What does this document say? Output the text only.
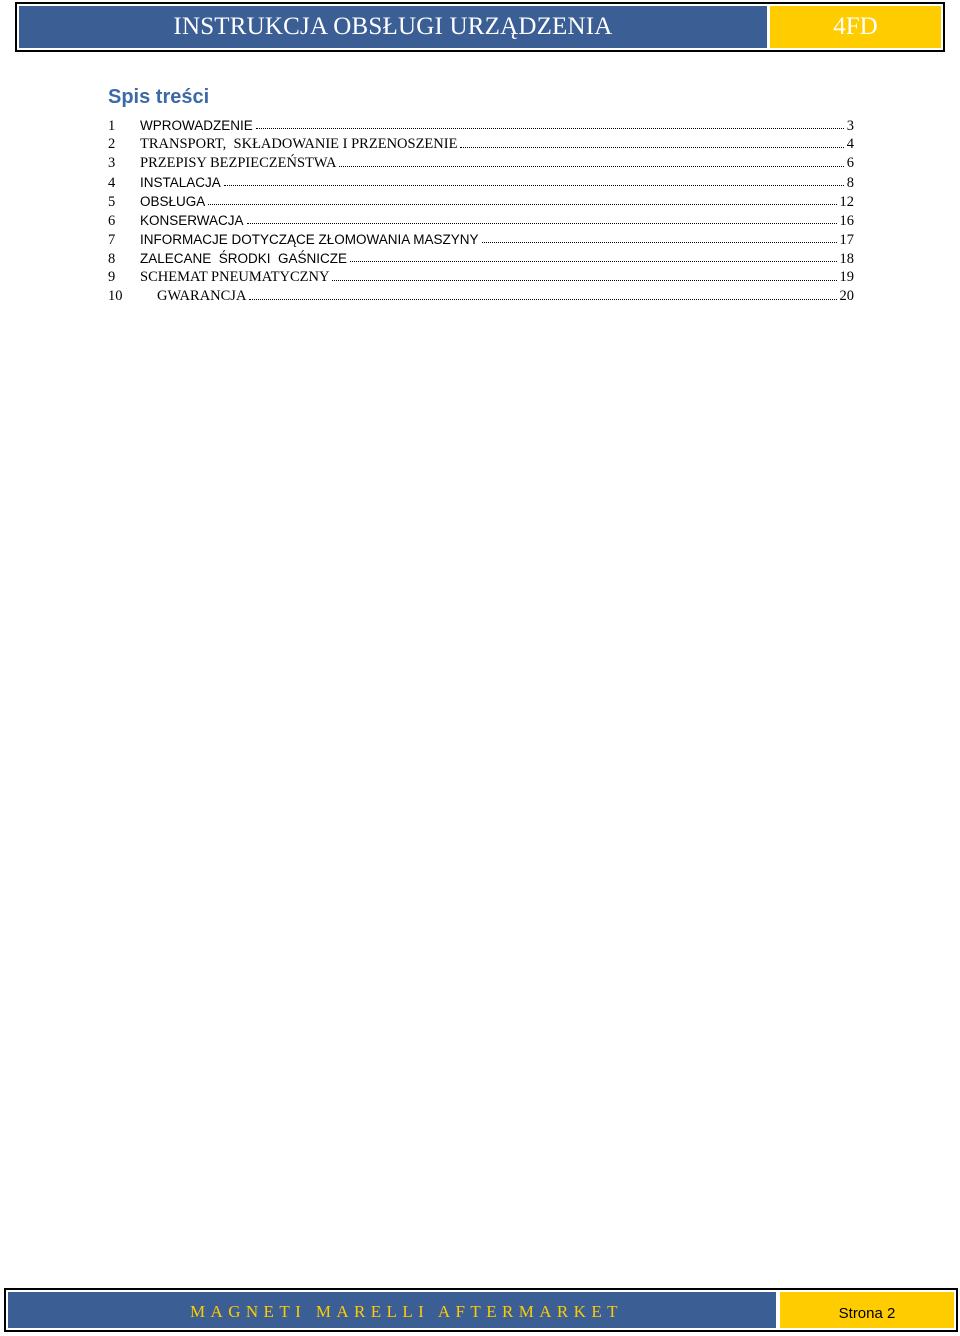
INSTRUKCJA OBSŁUGI URZĄDZENIA	4FD
Spis treści
1	WPROWADZENIE	3
2	TRANSPORT,  SKŁADOWANIE I PRZENOSZENIE	4
3	PRZEPISY BEZPIECZEŃSTWA	6
4	INSTALACJA	8
5	OBSŁUGA	12
6	KONSERWACJA	16
7	INFORMACJE DOTYCZĄCE ZŁOMOWANIA MASZYNY	17
8	ZALECANE  ŚRODKI  GAŚNICZE	18
9	SCHEMAT PNEUMATYCZNY	19
10	GWARANCJA	20
MAGNETI MARELLI AFTERMARKET	Strona 2
